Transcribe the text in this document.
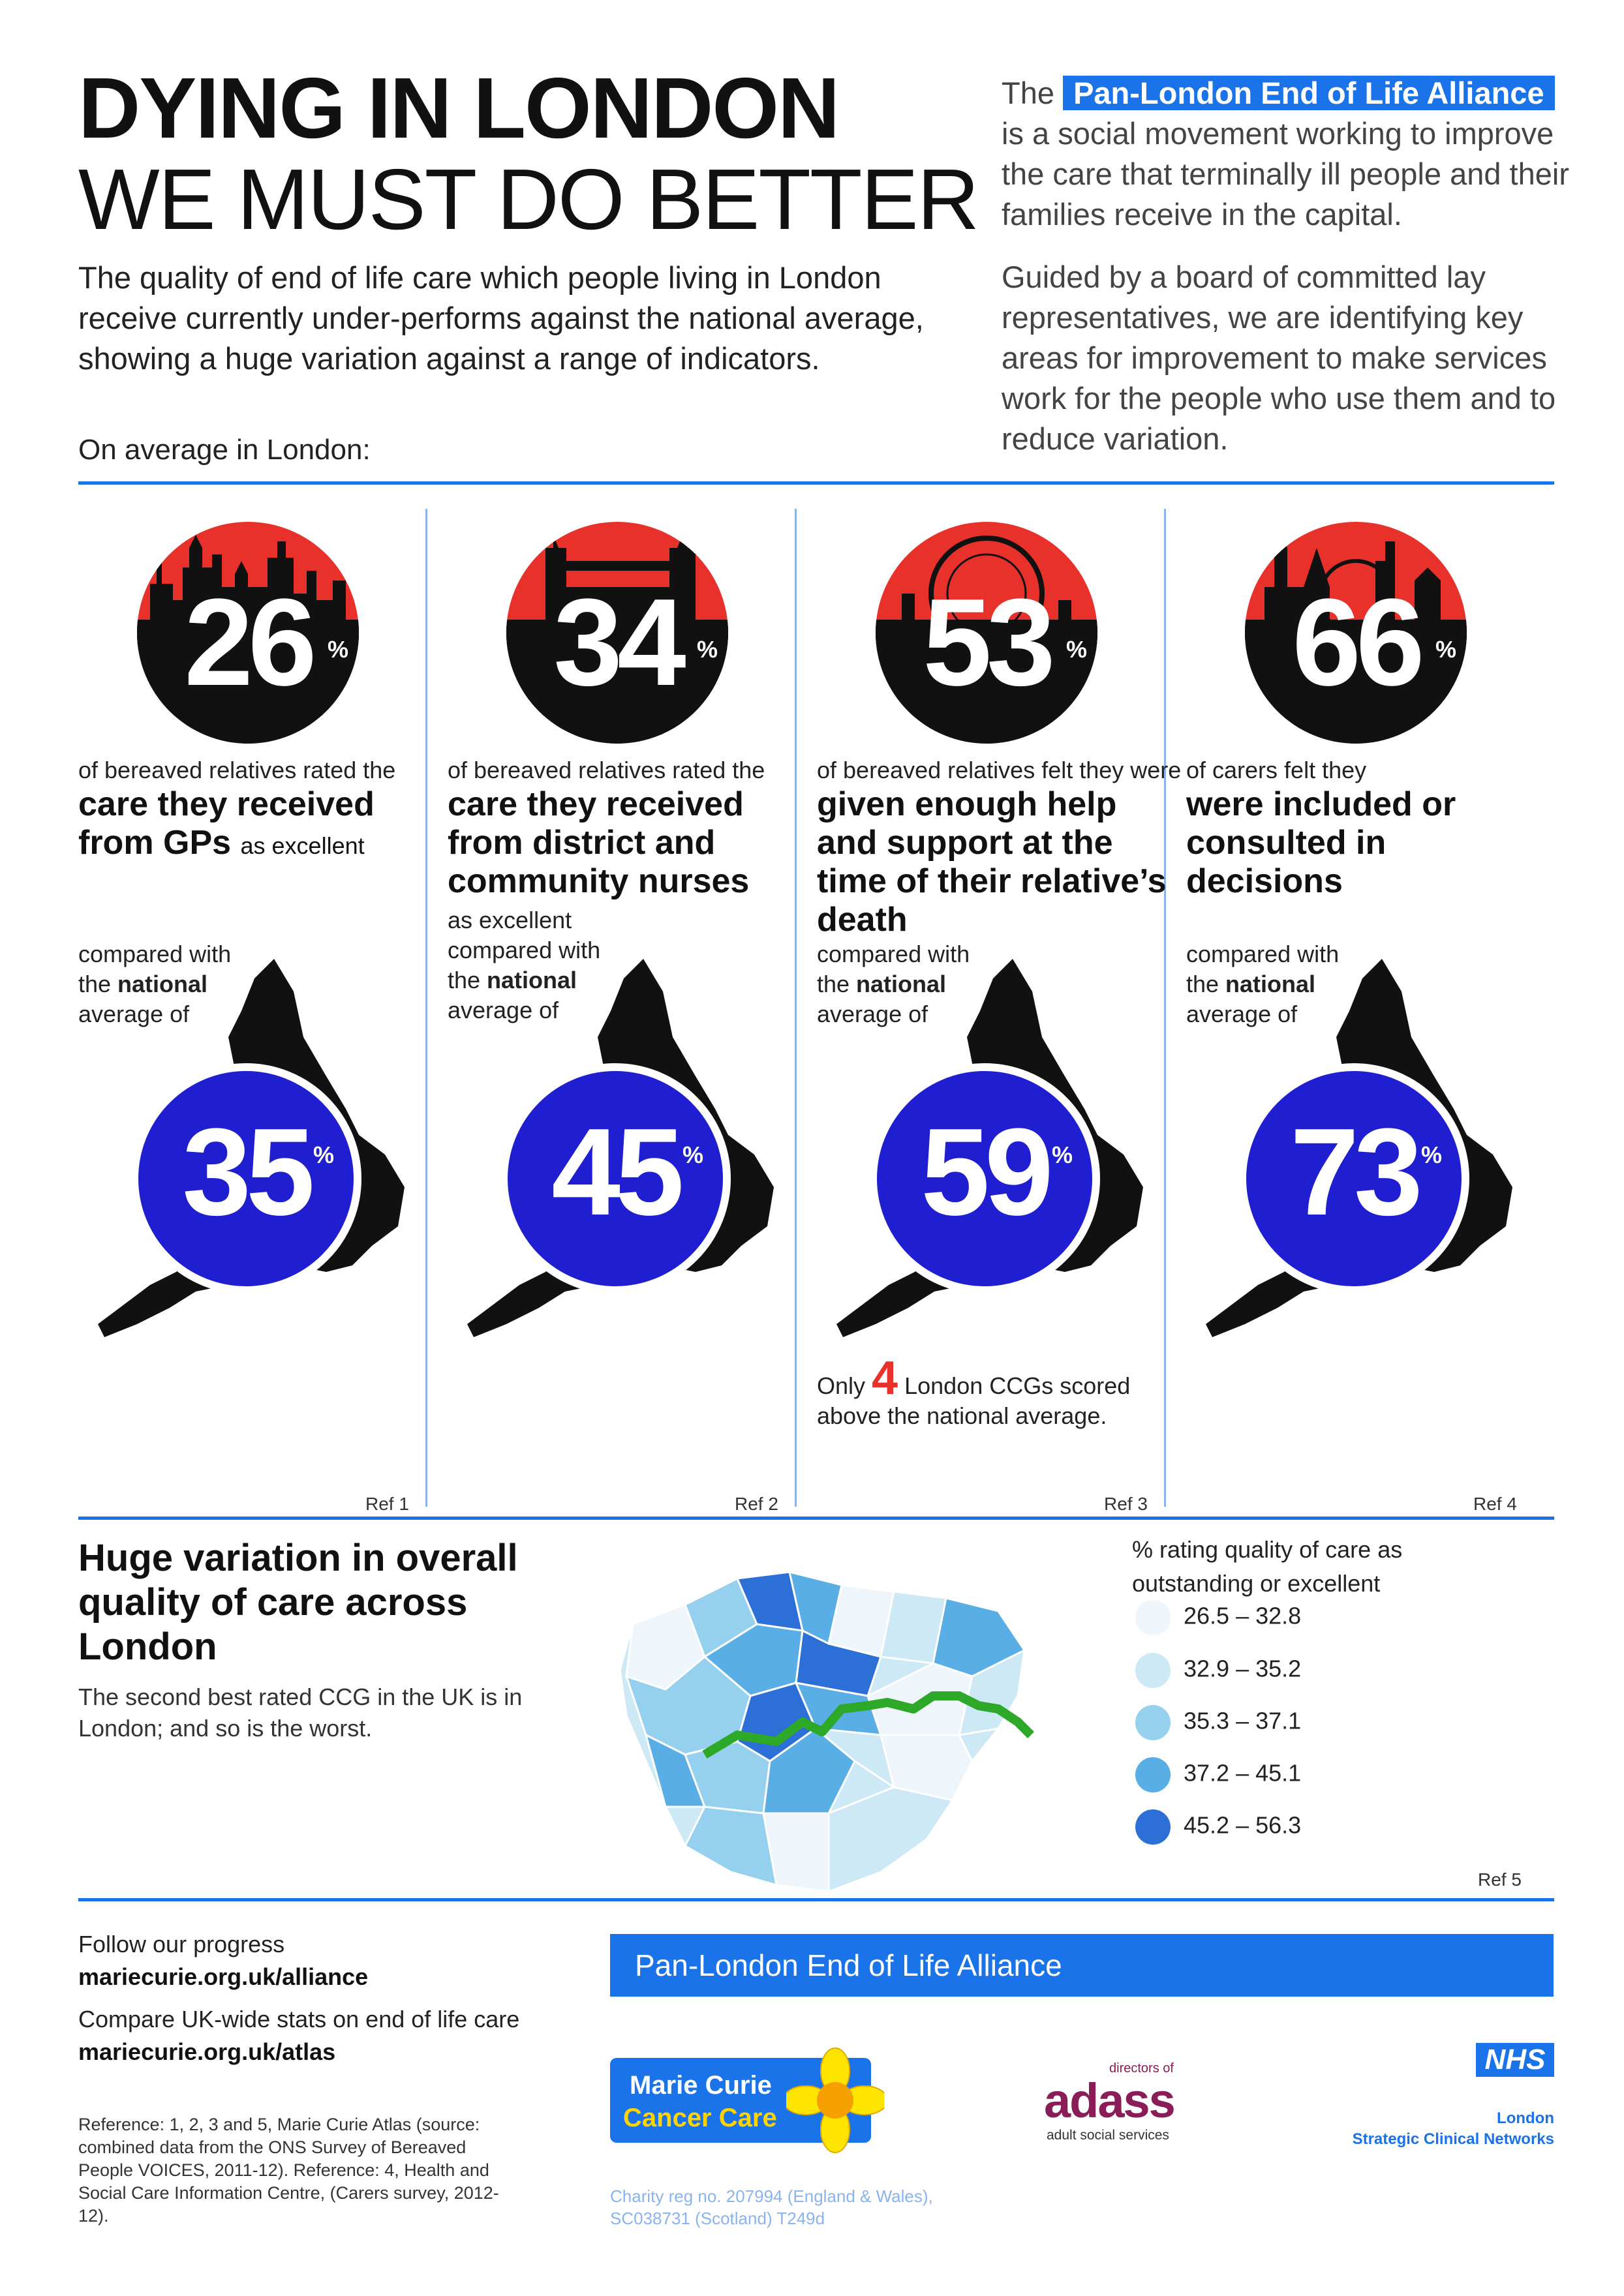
DYING IN LONDON
WE MUST DO BETTER
The quality of end of life care which people living in London receive currently under-performs against the national average, showing a huge variation against a range of indicators.
On average in London:

The Pan-London End of Life Alliance is a social movement working to improve the care that terminally ill people and their families receive in the capital.

Guided by a board of committed lay representatives, we are identifying key areas for improvement to make services work for the people who use them and to reduce variation.

26 %
of bereaved relatives rated the
care they received from GPs as excellent
compared with
the national
average of
35 %
Ref 1
34 %
of bereaved relatives rated the
care they received from district and community nurses
as excellent
compared with
the national
average of
45 %
Ref 2
53 %
of bereaved relatives felt they were
given enough help and support at the time of their relative’s death
compared with
the national
average of
59 %
Only 4 London CCGs scored
above the national average.
Ref 3
66 %
of carers felt they
were included or consulted in decisions
compared with
the national
average of
73 %
Ref 4
Huge variation in overall quality of care across London
The second best rated CCG in the UK is in London; and so is the worst.
% rating quality of care as outstanding or excellent
26.5 – 32.8
32.9 – 35.2
35.3 – 37.1
37.2 – 45.1
45.2 – 56.3
Ref 5
Follow our progress
mariecurie.org.uk/alliance
Compare UK-wide stats on end of life care
mariecurie.org.uk/atlas
Reference: 1, 2, 3 and 5, Marie Curie Atlas (source: combined data from the ONS Survey of Bereaved People VOICES, 2011-12). Reference: 4, Health and Social Care Information Centre, (Carers survey, 2012-12).
Pan-London End of Life Alliance
Marie Curie
Cancer Care
directors of
adass
adult social services
NHS
London
Strategic Clinical Networks
Charity reg no. 207994 (England & Wales),
SC038731 (Scotland) T249d
